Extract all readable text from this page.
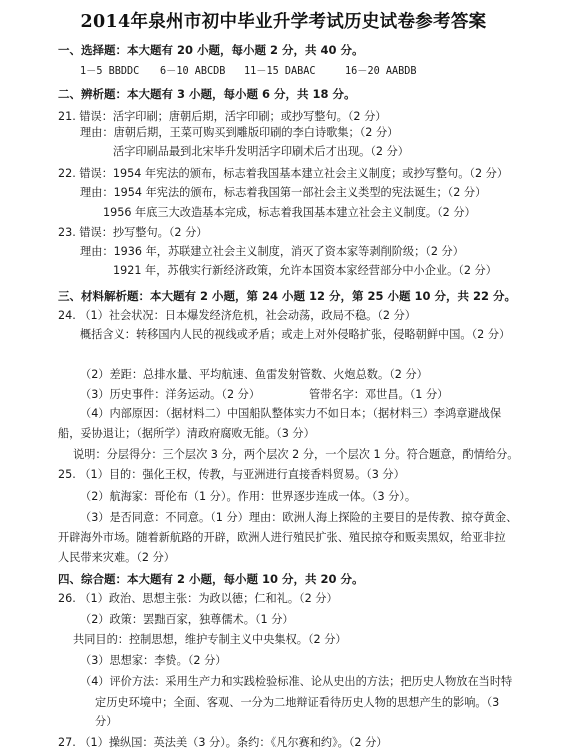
2014年泉州市初中毕业升学考试历史试卷参考答案
一、选择题：本大题有 20 小题，每小题 2 分，共 40 分。
1－5 BBDDC 6－10 ABCDB 11－15 DABAC	16－20 AABDB
二、辨析题：本大题有 3 小题，每小题 6 分，共 18 分。
21. 错误：活字印刷；唐朝后期，活字印刷；或抄写整句。（2 分）
理由：唐朝后期，王菜可购买到雕版印刷的李白诗歌集；（2 分）
活字印刷品最到北宋毕升发明活字印刷术后才出现。（2 分）
22. 错误：1954 年宪法的颁布，标志着我国基本建立社会主义制度；或抄写整句。（2 分）
理由：1954 年宪法的颁布，标志着我国第一部社会主义类型的宪法诞生；（2 分）
1956 年底三大改造基本完成，标志着我国基本建立社会主义制度。（2 分）
23. 错误：抄写整句。（2 分）
理由：1936 年，苏联建立社会主义制度，消灭了资本家等剥削阶级；（2 分）
1921 年，苏俄实行新经济政策，允许本国资本家经营部分中小企业。（2 分）
三、材料解析题：本大题有 2 小题，第 24 小题 12 分，第 25 小题 10 分，共 22 分。
24. （1）社会状况：日本爆发经济危机，社会动荡，政局不稳。（2 分）
概括含义：转移国内人民的视线或矛盾；或走上对外侵略扩张，侵略朝鲜中国。（2 分）
（2）差距：总排水量、平均航速、鱼雷发射管数、火炮总数。（2 分）
（3）历史事件：洋务运动。（2 分）	管带名字：邓世昌。（1 分）
（4）内部原因：（据材料二）中国船队整体实力不如日本；（据材料三）李鸿章避战保
船，妥协退让；（据所学）清政府腐败无能。（3 分）
说明：分层得分：三个层次 3 分，两个层次 2 分，一个层次 1 分。符合题意，酌情给分。
25. （1）目的：强化王权，传教，与亚洲进行直接香料贸易。（3 分）
（2）航海家：哥伦布（1 分）。作用：世界逐步连成一体。（3 分）。
（3）是否同意：不同意。（1 分）理由：欧洲人海上探险的主要目的是传教、掠夺黄金、
开辟海外市场。随着新航路的开辟，欧洲人进行殖民扩张、殖民掠夺和贩卖黑奴，给亚非拉
人民带来灾难。（2 分）
四、综合题：本大题有 2 小题，每小题 10 分，共 20 分。
26. （1）政治、思想主张：为政以德；仁和礼。（2 分）
（2）政策：罢黜百家，独尊儒术。（1 分）
共同目的：控制思想，维护专制主义中央集权。（2 分）
（3）思想家：李贽。（2 分）
（4）评价方法：采用生产力和实践检验标准、论从史出的方法；把历史人物放在当时特
定历史环境中；全面、客观、一分为二地辩证看待历史人物的思想产生的影响。（3
分）
27. （1）操纵国：英法美（3 分）。条约：《凡尔赛和约》。（2 分）
